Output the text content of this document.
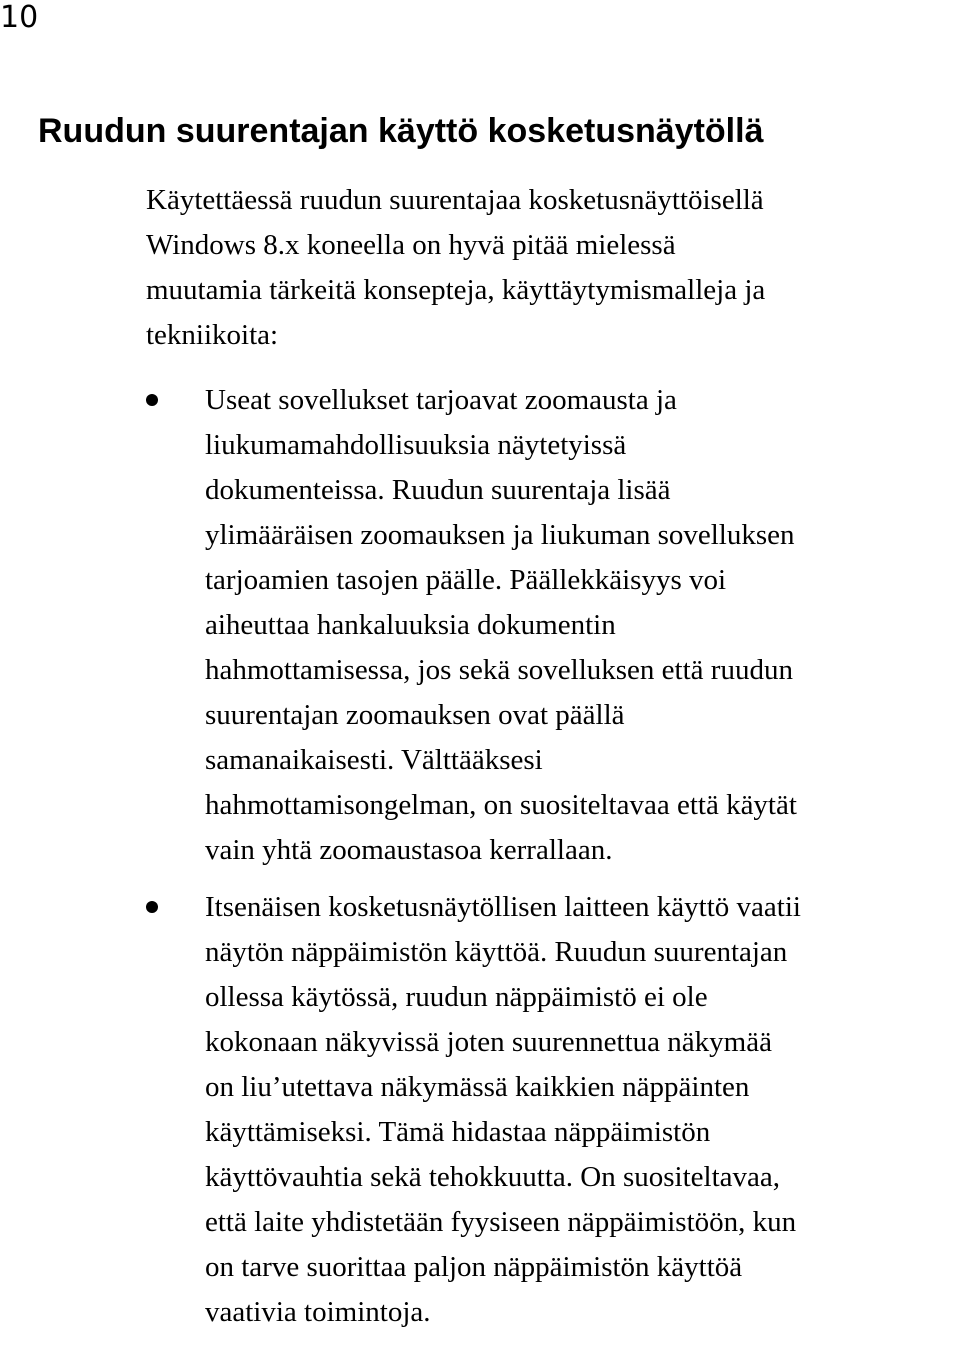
10
Ruudun suurentajan käyttö kosketusnäytöllä

Käytettäessä ruudun suurentajaa kosketusnäyttöisellä
Windows 8.x koneella on hyvä pitää mielessä
muutamia tärkeitä konsepteja, käyttäytymismalleja ja
tekniikoita:

Useat sovellukset tarjoavat zoomausta ja
liukumamahdollisuuksia näytetyissä
dokumenteissa. Ruudun suurentaja lisää
ylimääräisen zoomauksen ja liukuman sovelluksen
tarjoamien tasojen päälle. Päällekkäisyys voi
aiheuttaa hankaluuksia dokumentin
hahmottamisessa, jos sekä sovelluksen että ruudun
suurentajan zoomauksen ovat päällä
samanaikaisesti. Välttääksesi
hahmottamisongelman, on suositeltavaa että käytät
vain yhtä zoomaustasoa kerrallaan.
Itsenäisen kosketusnäytöllisen laitteen käyttö vaatii
näytön näppäimistön käyttöä. Ruudun suurentajan
ollessa käytössä, ruudun näppäimistö ei ole
kokonaan näkyvissä joten suurennettua näkymää
on liu’utettava näkymässä kaikkien näppäinten
käyttämiseksi. Tämä hidastaa näppäimistön
käyttövauhtia sekä tehokkuutta. On suositeltavaa,
että laite yhdistetään fyysiseen näppäimistöön, kun
on tarve suorittaa paljon näppäimistön käyttöä
vaativia toimintoja.
